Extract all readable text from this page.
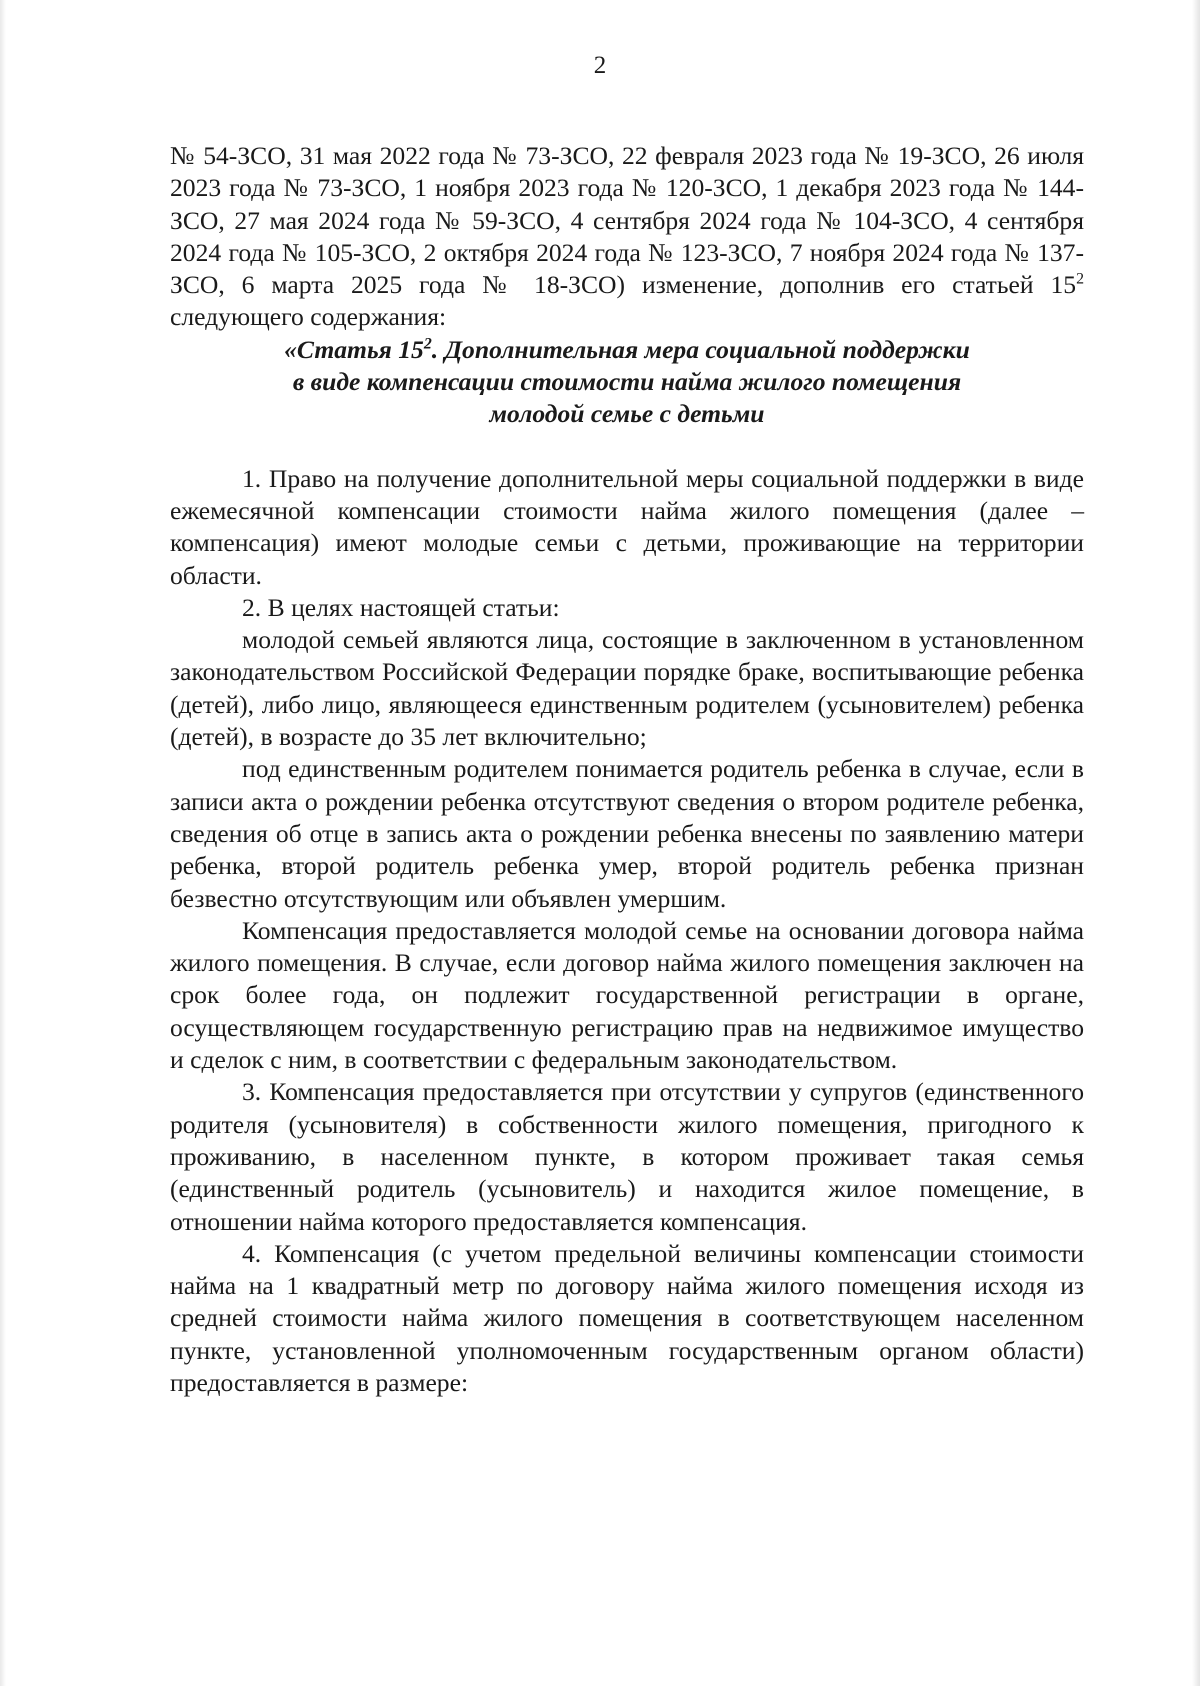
2

№ 54-ЗСО, 31 мая 2022 года № 73-ЗСО, 22 февраля 2023 года № 19-ЗСО, 26 июля 2023 года № 73-ЗСО, 1 ноября 2023 года № 120-ЗСО, 1 декабря 2023 года № 144-ЗСО, 27 мая 2024 года № 59-ЗСО, 4 сентября 2024 года № 104-ЗСО, 4 сентября 2024 года № 105-ЗСО, 2 октября 2024 года № 123-ЗСО, 7 ноября 2024 года № 137-ЗСО, 6 марта 2025 года № 18-ЗСО) изменение, дополнив его статьей $15^2$ следующего содержания:

«Статья $15^2$. Дополнительная мера социальной поддержки

в виде компенсации стоимости найма жилого помещения

молодой семье с детьми

1. Право на получение дополнительной меры социальной поддержки в виде ежемесячной компенсации стоимости найма жилого помещения (далее – компенсация) имеют молодые семьи с детьми, проживающие на территории области.

2. В целях настоящей статьи:

молодой семьей являются лица, состоящие в заключенном в установленном законодательством Российской Федерации порядке браке, воспитывающие ребенка (детей), либо лицо, являющееся единственным родителем (усыновителем) ребенка (детей), в возрасте до 35 лет включительно;

под единственным родителем понимается родитель ребенка в случае, если в записи акта о рождении ребенка отсутствуют сведения о втором родителе ребенка, сведения об отце в запись акта о рождении ребенка внесены по заявлению матери ребенка, второй родитель ребенка умер, второй родитель ребенка признан безвестно отсутствующим или объявлен умершим.

Компенсация предоставляется молодой семье на основании договора найма жилого помещения. В случае, если договор найма жилого помещения заключен на срок более года, он подлежит государственной регистрации в органе, осуществляющем государственную регистрацию прав на недвижимое имущество и сделок с ним, в соответствии с федеральным законодательством.

3. Компенсация предоставляется при отсутствии у супругов (единственного родителя (усыновителя) в собственности жилого помещения, пригодного к проживанию, в населенном пункте, в котором проживает такая семья (единственный родитель (усыновитель) и находится жилое помещение, в отношении найма которого предоставляется компенсация.

4. Компенсация (с учетом предельной величины компенсации стоимости найма на 1 квадратный метр по договору найма жилого помещения исходя из средней стоимости найма жилого помещения в соответствующем населенном пункте, установленной уполномоченным государственным органом области) предоставляется в размере:
